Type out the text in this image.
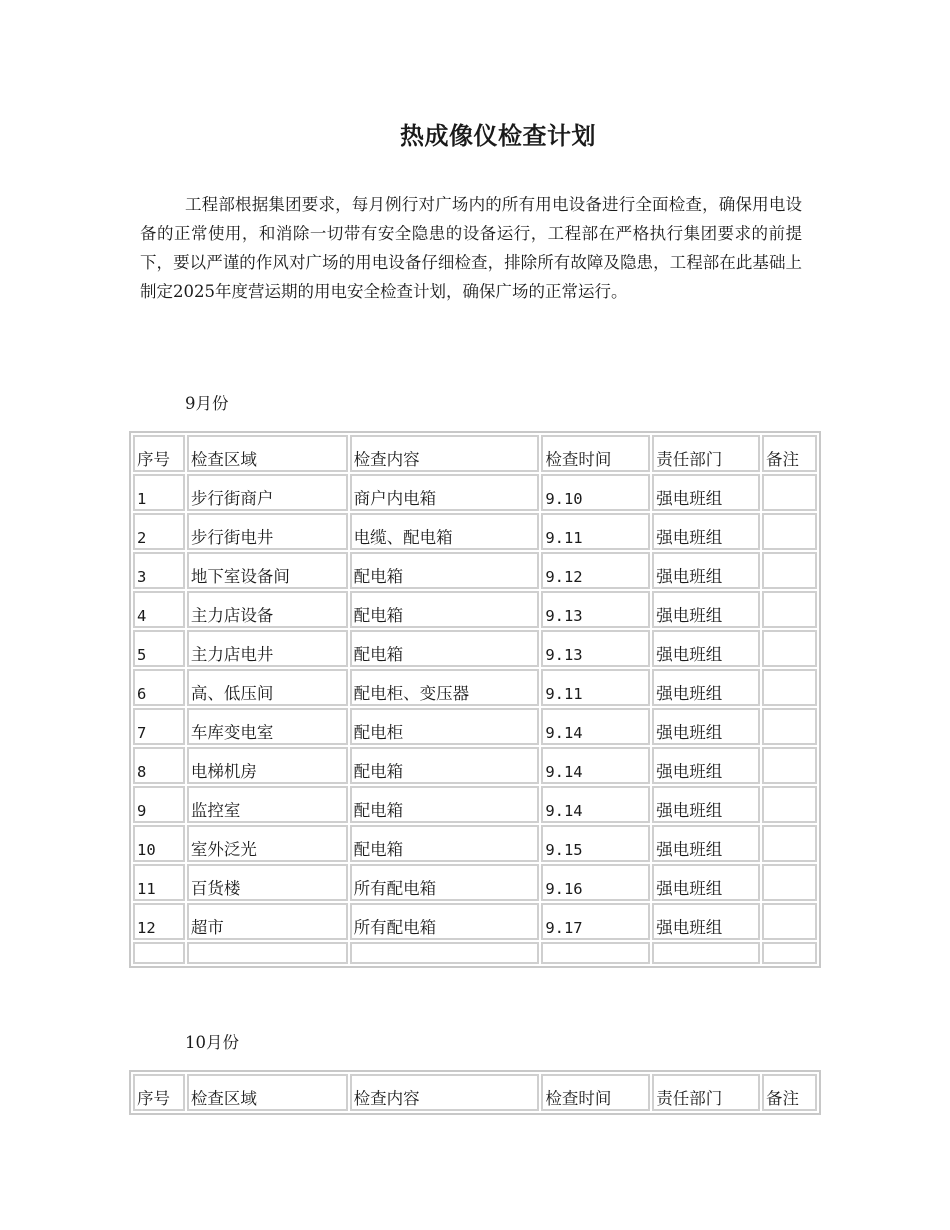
热成像仪检查计划

工程部根据集团要求，每月例行对广场内的所有用电设备进行全面检查，确保用电设备的正常使用，和消除一切带有安全隐患的设备运行，工程部在严格执行集团要求的前提下，要以严谨的作风对广场的用电设备仔细检查，排除所有故障及隐患，工程部在此基础上制定2025年度营运期的用电安全检查计划，确保广场的正常运行。

9月份
序号	检查区域	检查内容	检查时间	责任部门	备注
1	步行街商户	商户内电箱	9.10	强电班组	
2	步行街电井	电缆、配电箱	9.11	强电班组	
3	地下室设备间	配电箱	9.12	强电班组	
4	主力店设备	配电箱	9.13	强电班组	
5	主力店电井	配电箱	9.13	强电班组	
6	高、低压间	配电柜、变压器	9.11	强电班组	
7	车库变电室	配电柜	9.14	强电班组	
8	电梯机房	配电箱	9.14	强电班组	
9	监控室	配电箱	9.14	强电班组	
10	室外泛光	配电箱	9.15	强电班组	
11	百货楼	所有配电箱	9.16	强电班组	
12	超市	所有配电箱	9.17	强电班组	

10月份
序号	检查区域	检查内容	检查时间	责任部门	备注
